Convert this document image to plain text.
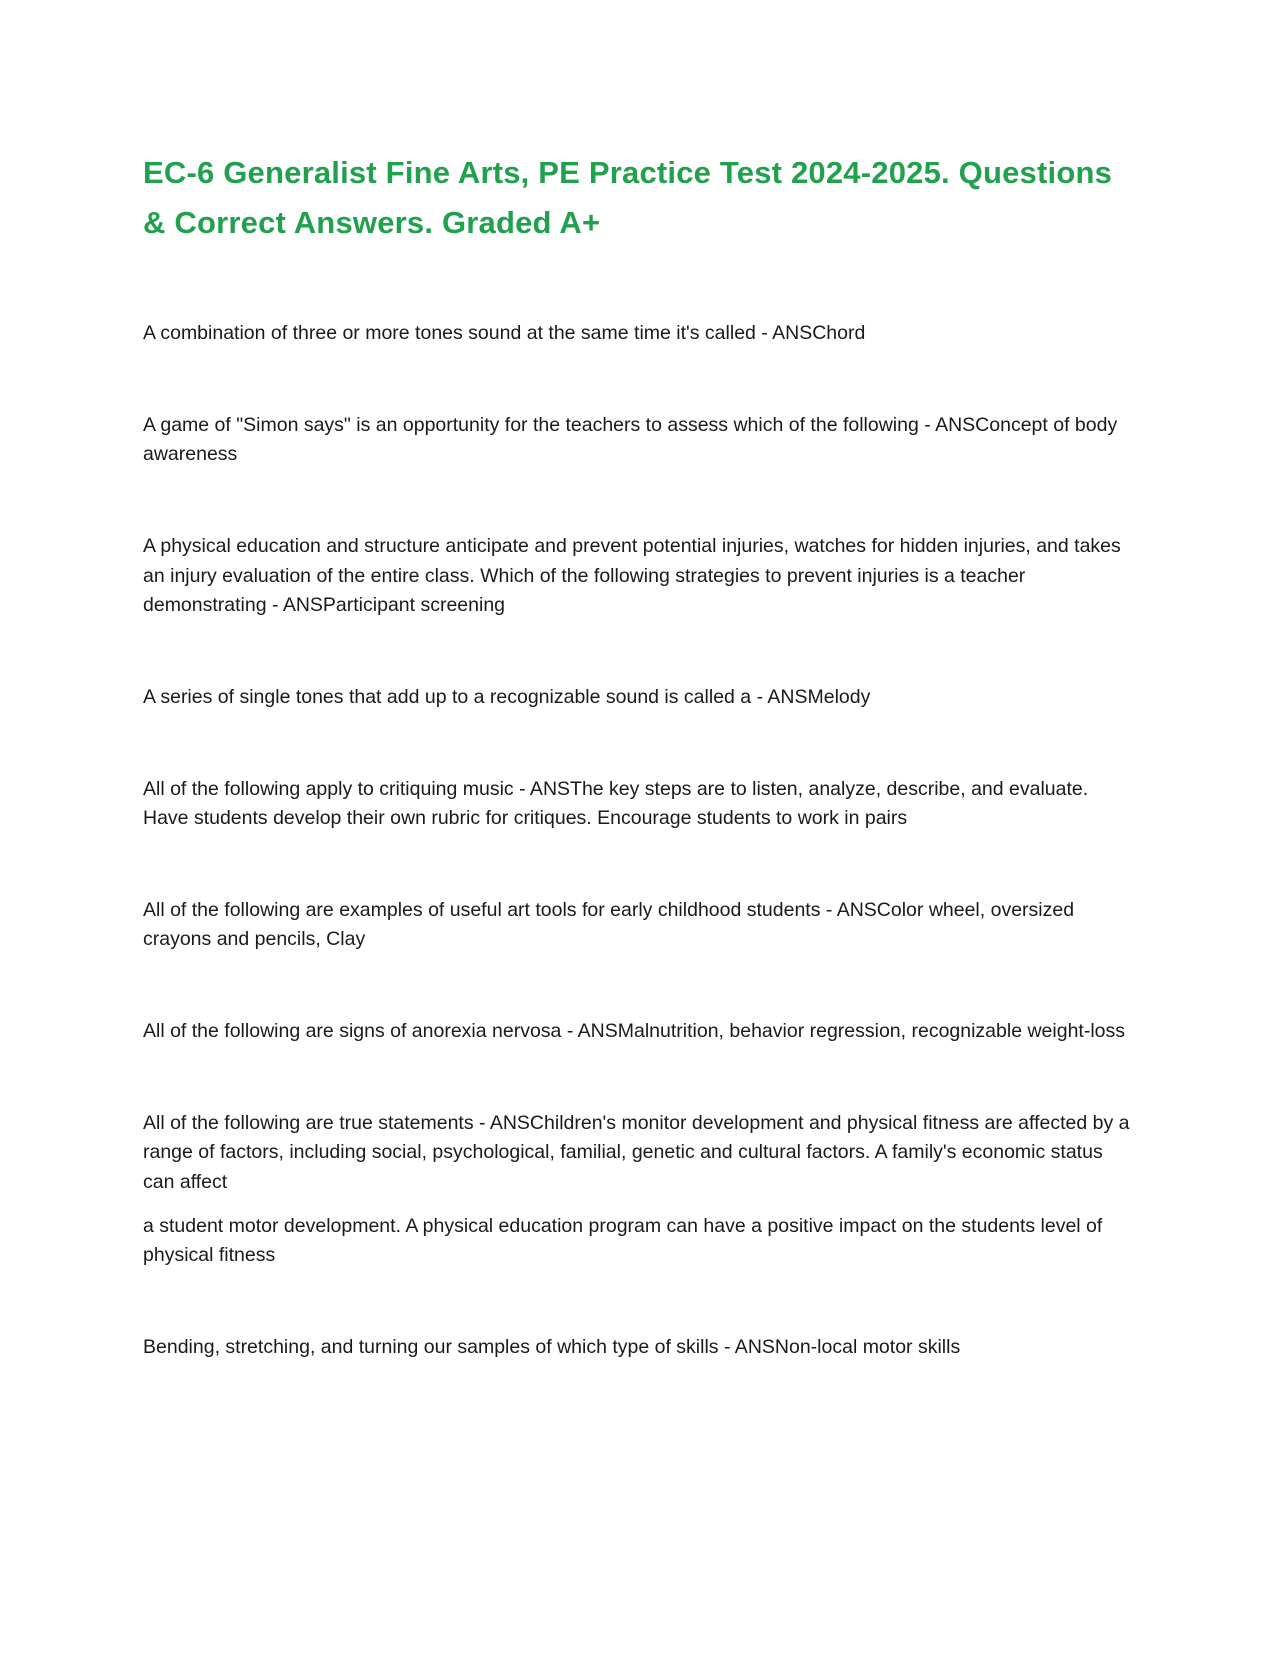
EC-6 Generalist Fine Arts, PE Practice Test 2024-2025. Questions & Correct Answers. Graded A+

A combination of three or more tones sound at the same time it's called - ANSChord

A game of "Simon says" is an opportunity for the teachers to assess which of the following - ANSConcept of body awareness

A physical education and structure anticipate and prevent potential injuries, watches for hidden injuries, and takes an injury evaluation of the entire class. Which of the following strategies to prevent injuries is a teacher demonstrating - ANSParticipant screening

A series of single tones that add up to a recognizable sound is called a - ANSMelody

All of the following apply to critiquing music - ANSThe key steps are to listen, analyze, describe, and evaluate. Have students develop their own rubric for critiques. Encourage students to work in pairs

All of the following are examples of useful art tools for early childhood students - ANSColor wheel, oversized crayons and pencils, Clay

All of the following are signs of anorexia nervosa - ANSMalnutrition, behavior regression, recognizable weight-loss

All of the following are true statements - ANSChildren's monitor development and physical fitness are affected by a range of factors, including social, psychological, familial, genetic and cultural factors. A family's economic status can affect

a student motor development. A physical education program can have a positive impact on the students level of physical fitness

Bending, stretching, and turning our samples of which type of skills - ANSNon-local motor skills
